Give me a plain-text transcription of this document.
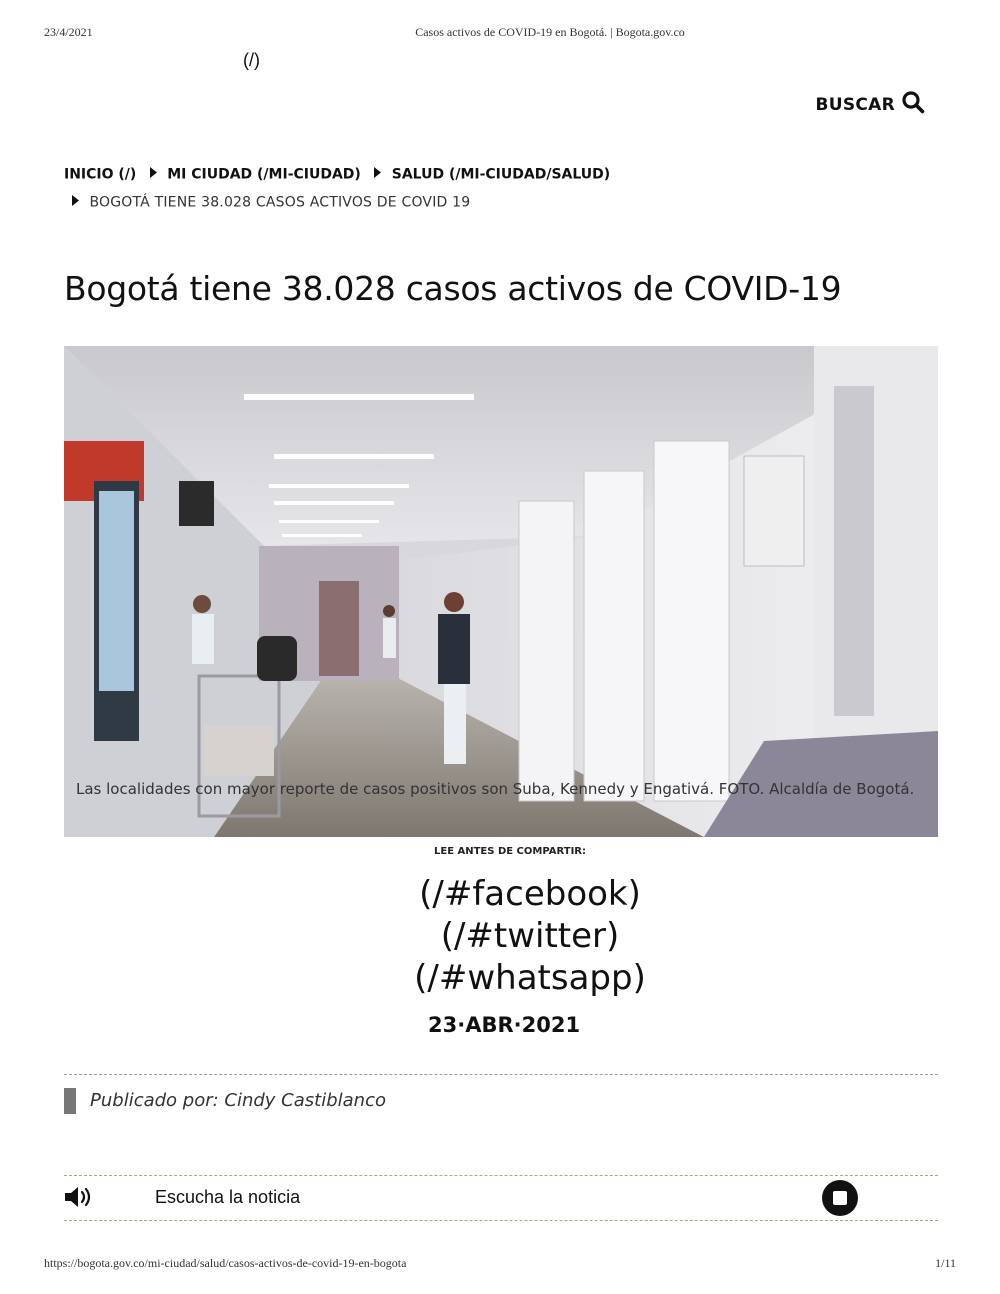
23/4/2021	Casos activos de COVID-19 en Bogotá. | Bogota.gov.co
(/)
BUSCAR
INICIO (/) MI CIUDAD (/MI-CIUDAD) SALUD (/MI-CIUDAD/SALUD)
BOGOTÁ TIENE 38.028 CASOS ACTIVOS DE COVID 19
Bogotá tiene 38.028 casos activos de COVID-19
Las localidades con mayor reporte de casos positivos son Suba, Kennedy y Engativá. FOTO. Alcaldía de Bogotá.
LEE ANTES DE COMPARTIR:
(/#facebook)
(/#twitter)
(/#whatsapp)
23·ABR·2021
Publicado por: Cindy Castiblanco
Escucha la noticia
https://bogota.gov.co/mi-ciudad/salud/casos-activos-de-covid-19-en-bogota	1/11
